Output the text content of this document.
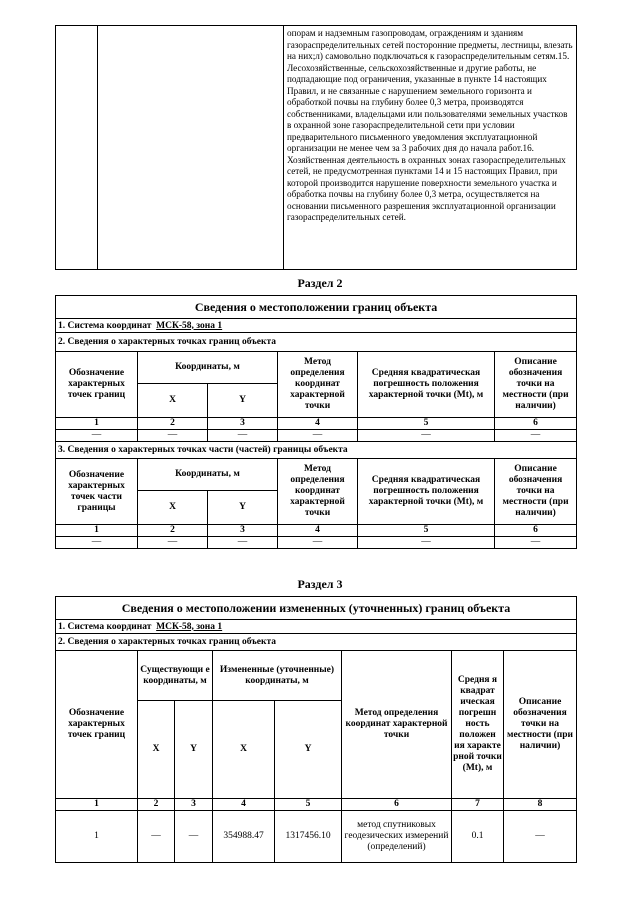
		опорам и надземным газопроводам, ограждениям и зданиям газораспределительных сетей посторонние предметы, лестницы, влезать на них;л) самовольно подключаться к газораспределительным сетям.15. Лесохозяйственные, сельскохозяйственные и другие работы, не подпадающие под ограничения, указанные в пункте 14 настоящих Правил, и не связанные с нарушением земельного горизонта и обработкой почвы на глубину более 0,3 метра, производятся собственниками, владельцами или пользователями земельных участков в охранной зоне газораспределительной сети при условии предварительного письменного уведомления эксплуатационной организации не менее чем за 3 рабочих дня до начала работ.16. Хозяйственная деятельность в охранных зонах газораспределительных сетей, не предусмотренная пунктами 14 и 15 настоящих Правил, при которой производится нарушение поверхности земельного участка и обработка почвы на глубину более 0,3 метра, осуществляется на основании письменного разрешения эксплуатационной организации газораспределительных сетей.
Раздел 2
Сведения о местоположении границ объекта					
1. Система координат МСК-58, зона 1					
2. Сведения о характерных точках границ объекта					
Обозначение характерных точек границ	Координаты, м		Метод определения координат характерной точки	Средняя квадратическая погрешность положения характерной точки (Mt), м	Описание обозначения точки на местности (при наличии)
	X	Y			
1	2	3	4	5	6
—	—	—	—	—	—
3. Сведения о характерных точках части (частей) границы объекта					
Обозначение характерных точек части границы	Координаты, м		Метод определения координат характерной точки	Средняя квадратическая погрешность положения характерной точки (Mt), м	Описание обозначения точки на местности (при наличии)
	X	Y			
1	2	3	4	5	6
—	—	—	—	—	—
Раздел 3
Сведения о местоположении измененных (уточненных) границ объекта							
1. Система координат МСК-58, зона 1							
2. Сведения о характерных точках границ объекта							
Обозначение характерных точек границ	Существующи е координаты, м		Измененные (уточненные) координаты, м		Метод определения координат характерной точки	Средня я квадрат ическая погрешн ность положен ия характе рной точки (Mt), м	Описание обозначения точки на местности (при наличии)
	X	Y	X	Y			
1	2	3	4	5	6	7	8
1	—	—	354988.47	1317456.10	метод спутниковых геодезических измерений (определений)	0.1	—
